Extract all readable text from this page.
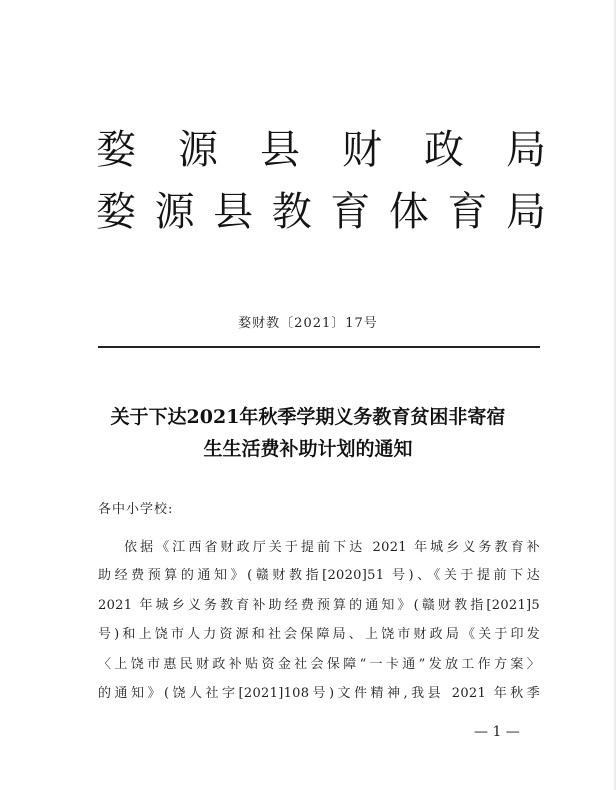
婺 源 县 财 政 局
婺 源 县 教 育 体 育 局
婺财教〔2021〕17号
关于下达2021年秋季学期义务教育贫困非寄宿
生生活费补助计划的通知
各中小学校:
依据《江西省财政厅关于提前下达 2021 年城乡义务教育补
助经费预算的通知》(赣财教指[2020]51 号)、《关于提前下达
2021 年城乡义务教育补助经费预算的通知》(赣财教指[2021]5
号)和上饶市人力资源和社会保障局、上饶市财政局《关于印发
〈上饶市惠民财政补贴资金社会保障“一卡通”发放工作方案〉
的通知》(饶人社字[2021]108号)文件精神,我县 2021 年秋季
— 1 —
